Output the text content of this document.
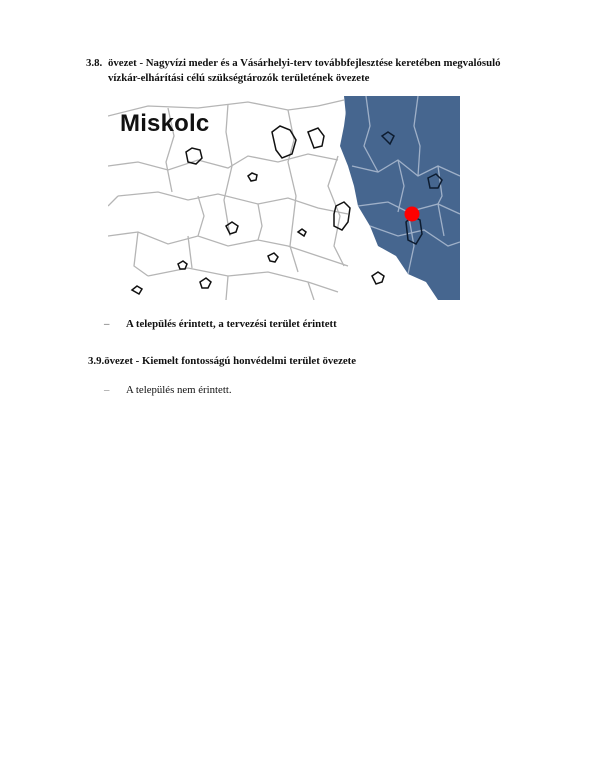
3.8. övezet - Nagyvízi meder és a Vásárhelyi-terv továbbfejlesztése keretében megvalósuló
vízkár-elhárítási célú szükségtározók területének övezete
Miskolc
– A település érintett, a tervezési terület érintett
3.9.övezet - Kiemelt fontosságú honvédelmi terület övezete
– A település nem érintett.
